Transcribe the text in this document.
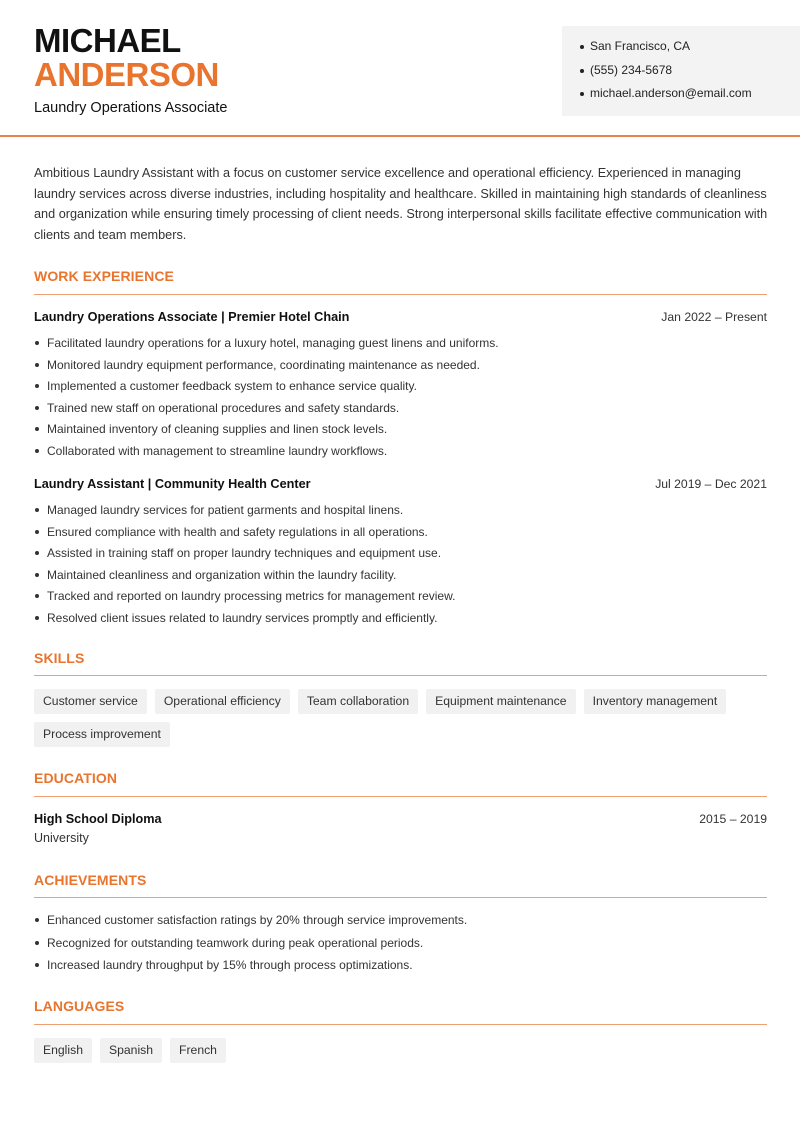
MICHAEL
ANDERSON
Laundry Operations Associate
San Francisco, CA
(555) 234-5678
michael.anderson@email.com

Ambitious Laundry Assistant with a focus on customer service excellence and operational efficiency. Experienced in managing laundry services across diverse industries, including hospitality and healthcare. Skilled in maintaining high standards of cleanliness and organization while ensuring timely processing of client needs. Strong interpersonal skills facilitate effective communication with clients and team members.

WORK EXPERIENCE
Laundry Operations Associate | Premier Hotel Chain	Jan 2022 – Present
Facilitated laundry operations for a luxury hotel, managing guest linens and uniforms.
Monitored laundry equipment performance, coordinating maintenance as needed.
Implemented a customer feedback system to enhance service quality.
Trained new staff on operational procedures and safety standards.
Maintained inventory of cleaning supplies and linen stock levels.
Collaborated with management to streamline laundry workflows.
Laundry Assistant | Community Health Center	Jul 2019 – Dec 2021
Managed laundry services for patient garments and hospital linens.
Ensured compliance with health and safety regulations in all operations.
Assisted in training staff on proper laundry techniques and equipment use.
Maintained cleanliness and organization within the laundry facility.
Tracked and reported on laundry processing metrics for management review.
Resolved client issues related to laundry services promptly and efficiently.
SKILLS
Customer service	Operational efficiency	Team collaboration	Equipment maintenance	Inventory management
Process improvement
EDUCATION
High School Diploma	2015 – 2019
University
ACHIEVEMENTS
Enhanced customer satisfaction ratings by 20% through service improvements.
Recognized for outstanding teamwork during peak operational periods.
Increased laundry throughput by 15% through process optimizations.
LANGUAGES
English	Spanish	French
